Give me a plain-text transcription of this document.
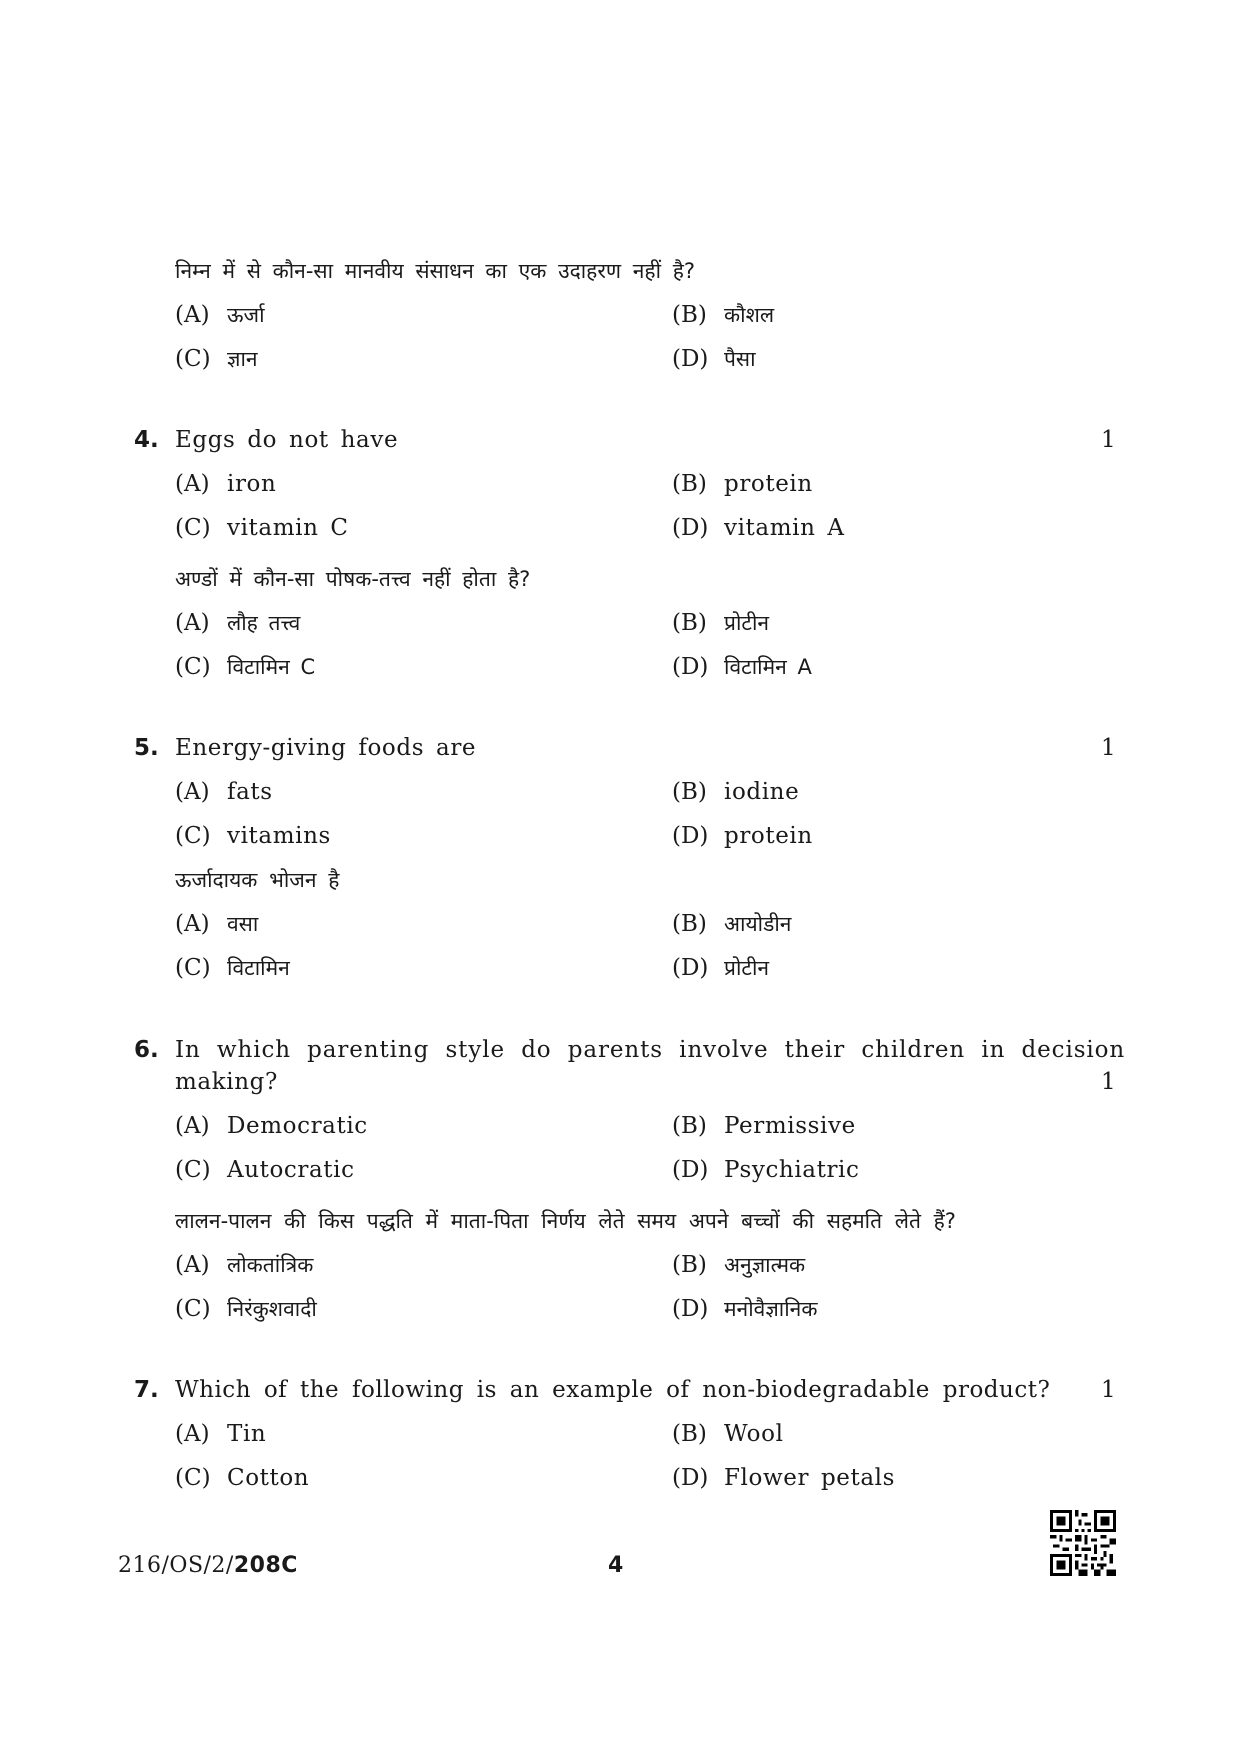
निम्न में से कौन-सा मानवीय संसाधन का एक उदाहरण नहीं है?
(A) ऊर्जा	(B) कौशल
(C) ज्ञान	(D) पैसा
4. Eggs do not have	1
(A) iron	(B) protein
(C) vitamin C	(D) vitamin A
अण्डों में कौन-सा पोषक-तत्त्व नहीं होता है?
(A) लौह तत्त्व	(B) प्रोटीन
(C) विटामिन C	(D) विटामिन A
5. Energy-giving foods are	1
(A) fats	(B) iodine
(C) vitamins	(D) protein
ऊर्जादायक भोजन है
(A) वसा	(B) आयोडीन
(C) विटामिन	(D) प्रोटीन
6. In which parenting style do parents involve their children in decision
making?	1
(A) Democratic	(B) Permissive
(C) Autocratic	(D) Psychiatric
लालन-पालन की किस पद्धति में माता-पिता निर्णय लेते समय अपने बच्चों की सहमति लेते हैं?
(A) लोकतांत्रिक	(B) अनुज्ञात्मक
(C) निरंकुशवादी	(D) मनोवैज्ञानिक
7. Which of the following is an example of non-biodegradable product? 1
(A) Tin	(B) Wool
(C) Cotton	(D) Flower petals
216/OS/2/208C	4
